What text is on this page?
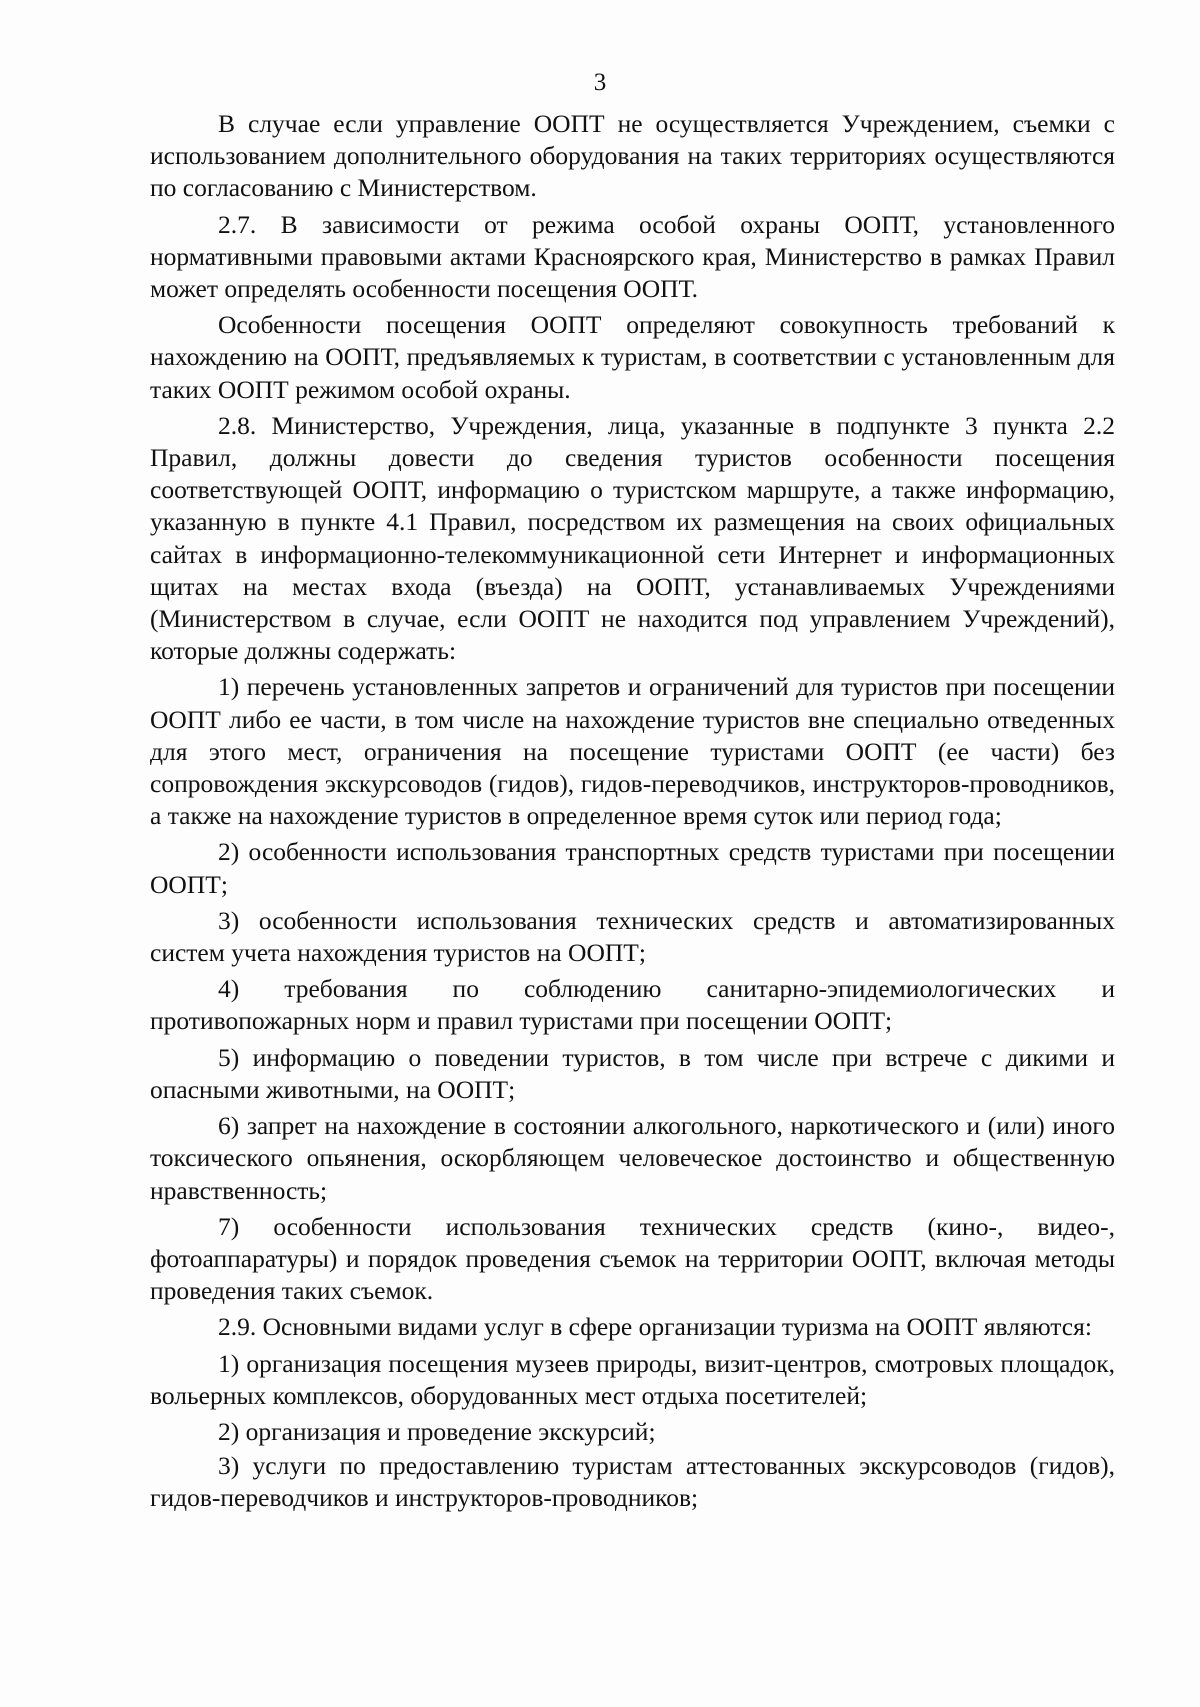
3

В случае если управление ООПТ не осуществляется Учреждением, съемки с использованием дополнительного оборудования на таких территориях осуществляются по согласованию с Министерством.

2.7. В зависимости от режима особой охраны ООПТ, установленного нормативными правовыми актами Красноярского края, Министерство в рамках Правил может определять особенности посещения ООПТ.

Особенности посещения ООПТ определяют совокупность требований к нахождению на ООПТ, предъявляемых к туристам, в соответствии с установленным для таких ООПТ режимом особой охраны.

2.8. Министерство, Учреждения, лица, указанные в подпункте 3 пункта 2.2 Правил, должны довести до сведения туристов особенности посещения соответствующей ООПТ, информацию о туристском маршруте, а также информацию, указанную в пункте 4.1 Правил, посредством их размещения на своих официальных сайтах в информационно-телекоммуникационной сети Интернет и информационных щитах на местах входа (въезда) на ООПТ, устанавливаемых Учреждениями (Министерством в случае, если ООПТ не находится под управлением Учреждений), которые должны содержать:

1) перечень установленных запретов и ограничений для туристов при посещении ООПТ либо ее части, в том числе на нахождение туристов вне специально отведенных для этого мест, ограничения на посещение туристами ООПТ (ее части) без сопровождения экскурсоводов (гидов), гидов-переводчиков, инструкторов-проводников, а также на нахождение туристов в определенное время суток или период года;

2) особенности использования транспортных средств туристами при посещении ООПТ;

3) особенности использования технических средств и автоматизированных систем учета нахождения туристов на ООПТ;

4) требования по соблюдению санитарно-эпидемиологических и противопожарных норм и правил туристами при посещении ООПТ;

5) информацию о поведении туристов, в том числе при встрече с дикими и опасными животными, на ООПТ;

6) запрет на нахождение в состоянии алкогольного, наркотического и (или) иного токсического опьянения, оскорбляющем человеческое достоинство и общественную нравственность;

7) особенности использования технических средств (кино-, видео-, фотоаппаратуры) и порядок проведения съемок на территории ООПТ, включая методы проведения таких съемок.

2.9. Основными видами услуг в сфере организации туризма на ООПТ являются:

1) организация посещения музеев природы, визит-центров, смотровых площадок, вольерных комплексов, оборудованных мест отдыха посетителей;

2) организация и проведение экскурсий;

3) услуги по предоставлению туристам аттестованных экскурсоводов (гидов), гидов-переводчиков и инструкторов-проводников;
